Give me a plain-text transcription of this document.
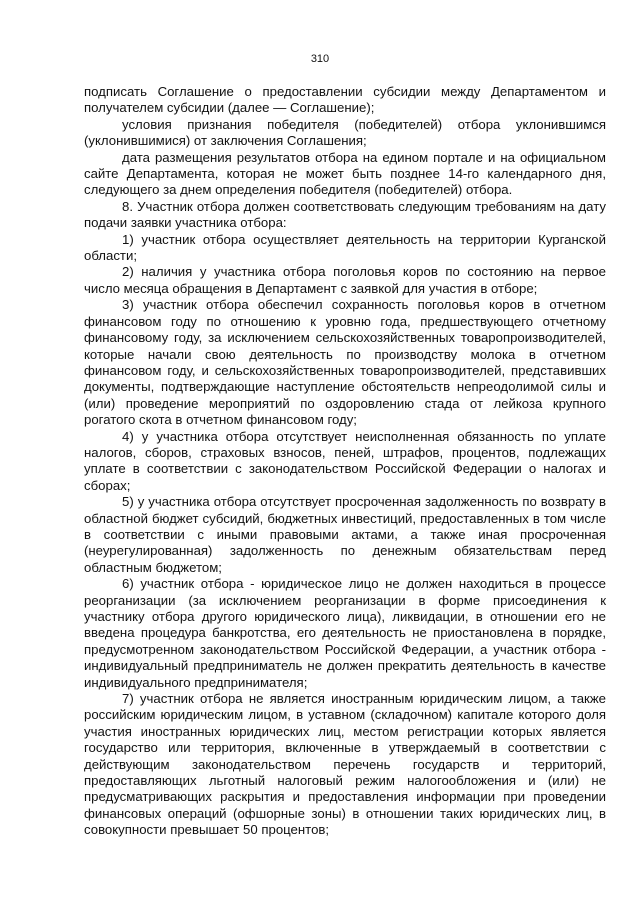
310

подписать Соглашение о предоставлении субсидии между Департаментом и получателем субсидии (далее — Соглашение);

условия признания победителя (победителей) отбора уклонившимся (уклонившимися) от заключения Соглашения;

дата размещения результатов отбора на едином портале и на официальном сайте Департамента, которая не может быть позднее 14-го календарного дня, следующего за днем определения победителя (победителей) отбора.

8. Участник отбора должен соответствовать следующим требованиям на дату подачи заявки участника отбора:

1) участник отбора осуществляет деятельность на территории Курганской области;

2) наличия у участника отбора поголовья коров по состоянию на первое число месяца обращения в Департамент с заявкой для участия в отборе;

3) участник отбора обеспечил сохранность поголовья коров в отчетном финансовом году по отношению к уровню года, предшествующего отчетному финансовому году, за исключением сельскохозяйственных товаропроизводителей, которые начали свою деятельность по производству молока в отчетном финансовом году, и сельскохозяйственных товаропроизводителей, представивших документы, подтверждающие наступление обстоятельств непреодолимой силы и (или) проведение мероприятий по оздоровлению стада от лейкоза крупного рогатого скота в отчетном финансовом году;

4) у участника отбора отсутствует неисполненная обязанность по уплате налогов, сборов, страховых взносов, пеней, штрафов, процентов, подлежащих уплате в соответствии с законодательством Российской Федерации о налогах и сборах;

5) у участника отбора отсутствует просроченная задолженность по возврату в областной бюджет субсидий, бюджетных инвестиций, предоставленных в том числе в соответствии с иными правовыми актами, а также иная просроченная (неурегулированная) задолженность по денежным обязательствам перед областным бюджетом;

6) участник отбора - юридическое лицо не должен находиться в процессе реорганизации (за исключением реорганизации в форме присоединения к участнику отбора другого юридического лица), ликвидации, в отношении его не введена процедура банкротства, его деятельность не приостановлена в порядке, предусмотренном законодательством Российской Федерации, а участник отбора - индивидуальный предприниматель не должен прекратить деятельность в качестве индивидуального предпринимателя;

7) участник отбора не является иностранным юридическим лицом, а также российским юридическим лицом, в уставном (складочном) капитале которого доля участия иностранных юридических лиц, местом регистрации которых является государство или территория, включенные в утверждаемый в соответствии с действующим законодательством перечень государств и территорий, предоставляющих льготный налоговый режим налогообложения и (или) не предусматривающих раскрытия и предоставления информации при проведении финансовых операций (офшорные зоны) в отношении таких юридических лиц, в совокупности превышает 50 процентов;
